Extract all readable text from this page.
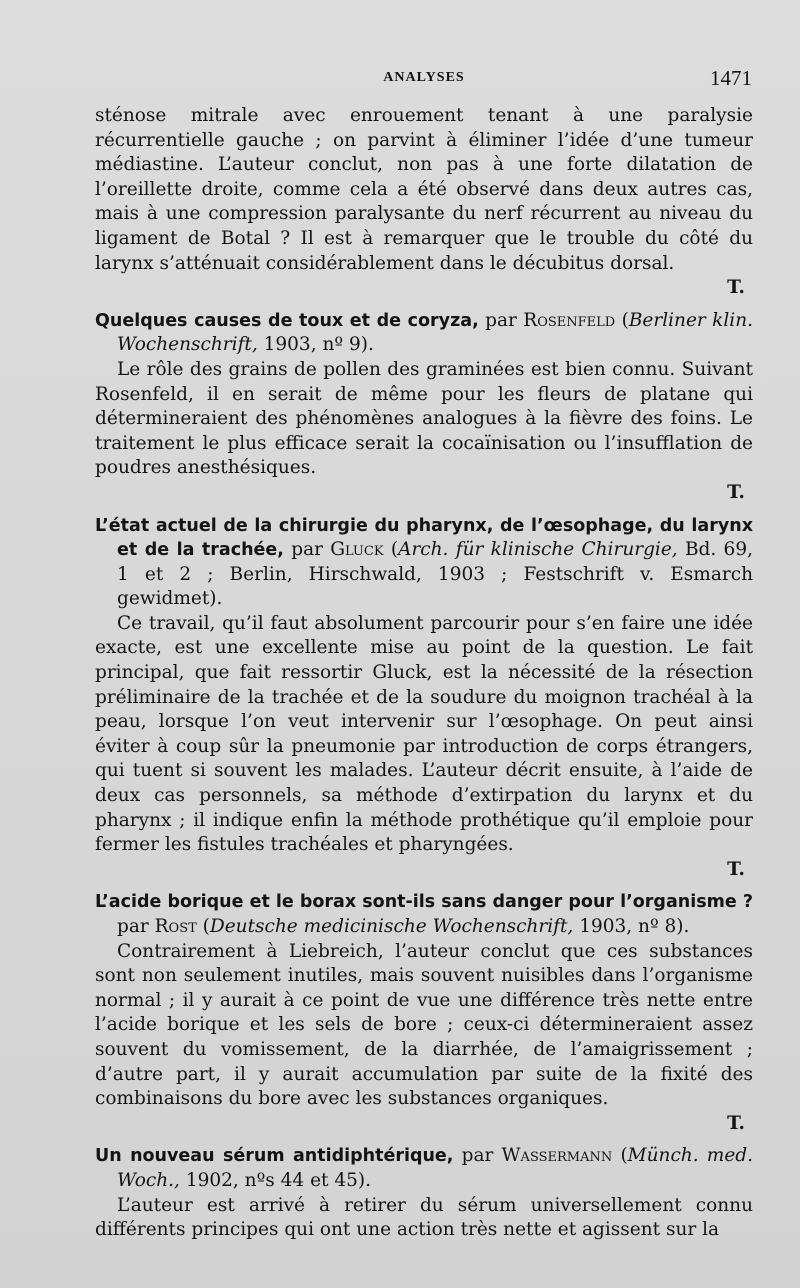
ANALYSES	1471

sténose mitrale avec enrouement tenant à une paralysie récurrentielle gauche ; on parvint à éliminer l’idée d’une tumeur médiastine. L’auteur conclut, non pas à une forte dilatation de l’oreillette droite, comme cela a été observé dans deux autres cas, mais à une compression paralysante du nerf récurrent au niveau du ligament de Botal ? Il est à remarquer que le trouble du côté du larynx s’atténuait considérablement dans le décubitus dorsal.

T.
Quelques causes de toux et de coryza, par Rosenfeld (Berliner klin. Wochenschrift, 1903, nº 9).

Le rôle des grains de pollen des graminées est bien connu. Suivant Rosenfeld, il en serait de même pour les fleurs de platane qui détermineraient des phénomènes analogues à la fièvre des foins. Le traitement le plus efficace serait la cocaïnisation ou l’insufflation de poudres anesthésiques.

T.
L’état actuel de la chirurgie du pharynx, de l’œsophage, du larynx et de la trachée, par Gluck (Arch. für klinische Chirurgie, Bd. 69, 1 et 2 ; Berlin, Hirschwald, 1903 ; Festschrift v. Esmarch gewidmet).

Ce travail, qu’il faut absolument parcourir pour s’en faire une idée exacte, est une excellente mise au point de la question. Le fait principal, que fait ressortir Gluck, est la nécessité de la résection préliminaire de la trachée et de la soudure du moignon trachéal à la peau, lorsque l’on veut intervenir sur l’œsophage. On peut ainsi éviter à coup sûr la pneumonie par introduction de corps étrangers, qui tuent si souvent les malades. L’auteur décrit ensuite, à l’aide de deux cas personnels, sa méthode d’extirpation du larynx et du pharynx ; il indique enfin la méthode prothétique qu’il emploie pour fermer les fistules trachéales et pharyngées.

T.
L’acide borique et le borax sont-ils sans danger pour l’organisme ? par Rost (Deutsche medicinische Wochenschrift, 1903, nº 8).

Contrairement à Liebreich, l’auteur conclut que ces substances sont non seulement inutiles, mais souvent nuisibles dans l’organisme normal ; il y aurait à ce point de vue une différence très nette entre l’acide borique et les sels de bore ; ceux-ci détermineraient assez souvent du vomissement, de la diarrhée, de l’amaigrissement ; d’autre part, il y aurait accumulation par suite de la fixité des combinaisons du bore avec les substances organiques.

T.
Un nouveau sérum antidiphtérique, par Wassermann (Münch. med. Woch., 1902, nºs 44 et 45).

L’auteur est arrivé à retirer du sérum universellement connu différents principes qui ont une action très nette et agissent sur la
